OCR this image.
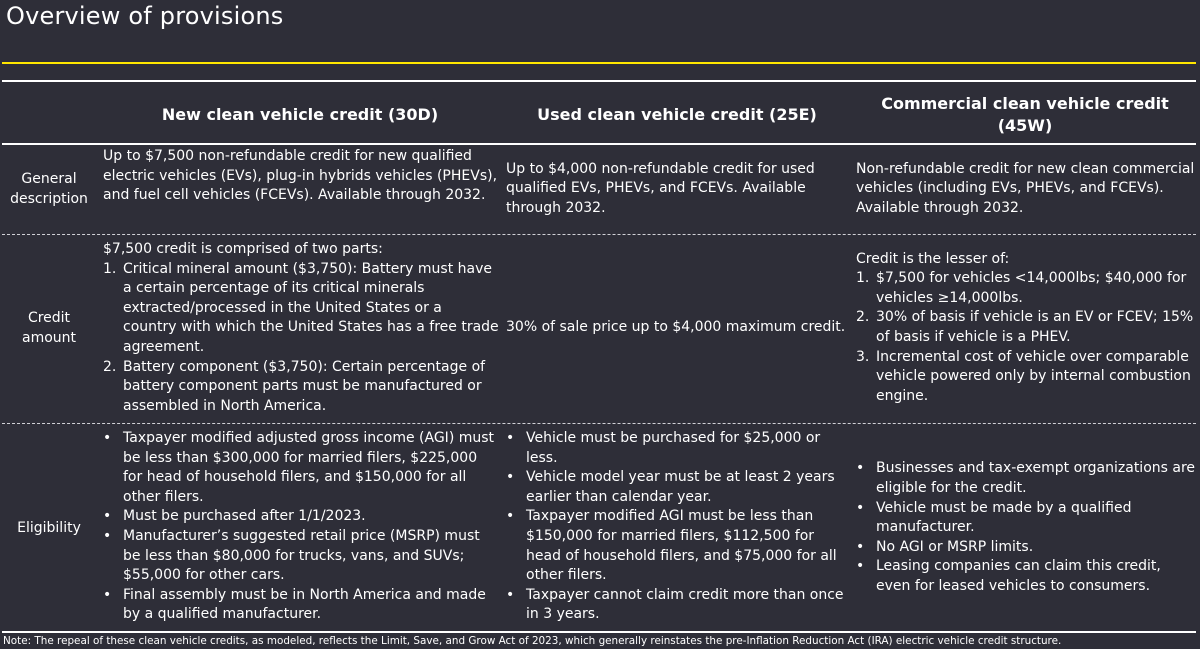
Overview of provisions
New clean vehicle credit (30D)	Used clean vehicle credit (25E)
Commercial clean vehicle credit (45W)
General description
Up to $7,500 non-refundable credit for new qualified electric vehicles (EVs), plug-in hybrids vehicles (PHEVs), and fuel cell vehicles (FCEVs). Available through 2032.

Up to $4,000 non-refundable credit for used qualified EVs, PHEVs, and FCEVs. Available through 2032.

Non-refundable credit for new clean commercial vehicles (including EVs, PHEVs, and FCEVs). Available through 2032.

Credit amount

$7,500 credit is comprised of two parts:

1. Critical mineral amount ($3,750): Battery must have a certain percentage of its critical minerals extracted/processed in the United States or a country with which the United States has a free trade agreement.
2. Battery component ($3,750): Certain percentage of battery component parts must be manufactured or assembled in North America.

30% of sale price up to $4,000 maximum credit.

Credit is the lesser of:

1. $7,500 for vehicles <14,000lbs; $40,000 for vehicles ≥14,000lbs.
2. 30% of basis if vehicle is an EV or FCEV; 15% of basis if vehicle is a PHEV.
3. Incremental cost of vehicle over comparable vehicle powered only by internal combustion engine.
Eligibility
• Taxpayer modified adjusted gross income (AGI) must be less than $300,000 for married filers, $225,000 for head of household filers, and $150,000 for all other filers.
• Must be purchased after 1/1/2023.
• Manufacturer’s suggested retail price (MSRP) must be less than $80,000 for trucks, vans, and SUVs; $55,000 for other cars.
• Final assembly must be in North America and made by a qualified manufacturer.
• Vehicle must be purchased for $25,000 or less.
• Vehicle model year must be at least 2 years earlier than calendar year.
• Taxpayer modified AGI must be less than $150,000 for married filers, $112,500 for head of household filers, and $75,000 for all other filers.
• Taxpayer cannot claim credit more than once in 3 years.
• Businesses and tax-exempt organizations are eligible for the credit.
• Vehicle must be made by a qualified manufacturer.
• No AGI or MSRP limits.
• Leasing companies can claim this credit, even for leased vehicles to consumers.
Note: The repeal of these clean vehicle credits, as modeled, reflects the Limit, Save, and Grow Act of 2023, which generally reinstates the pre-Inflation Reduction Act (IRA) electric vehicle credit structure.
